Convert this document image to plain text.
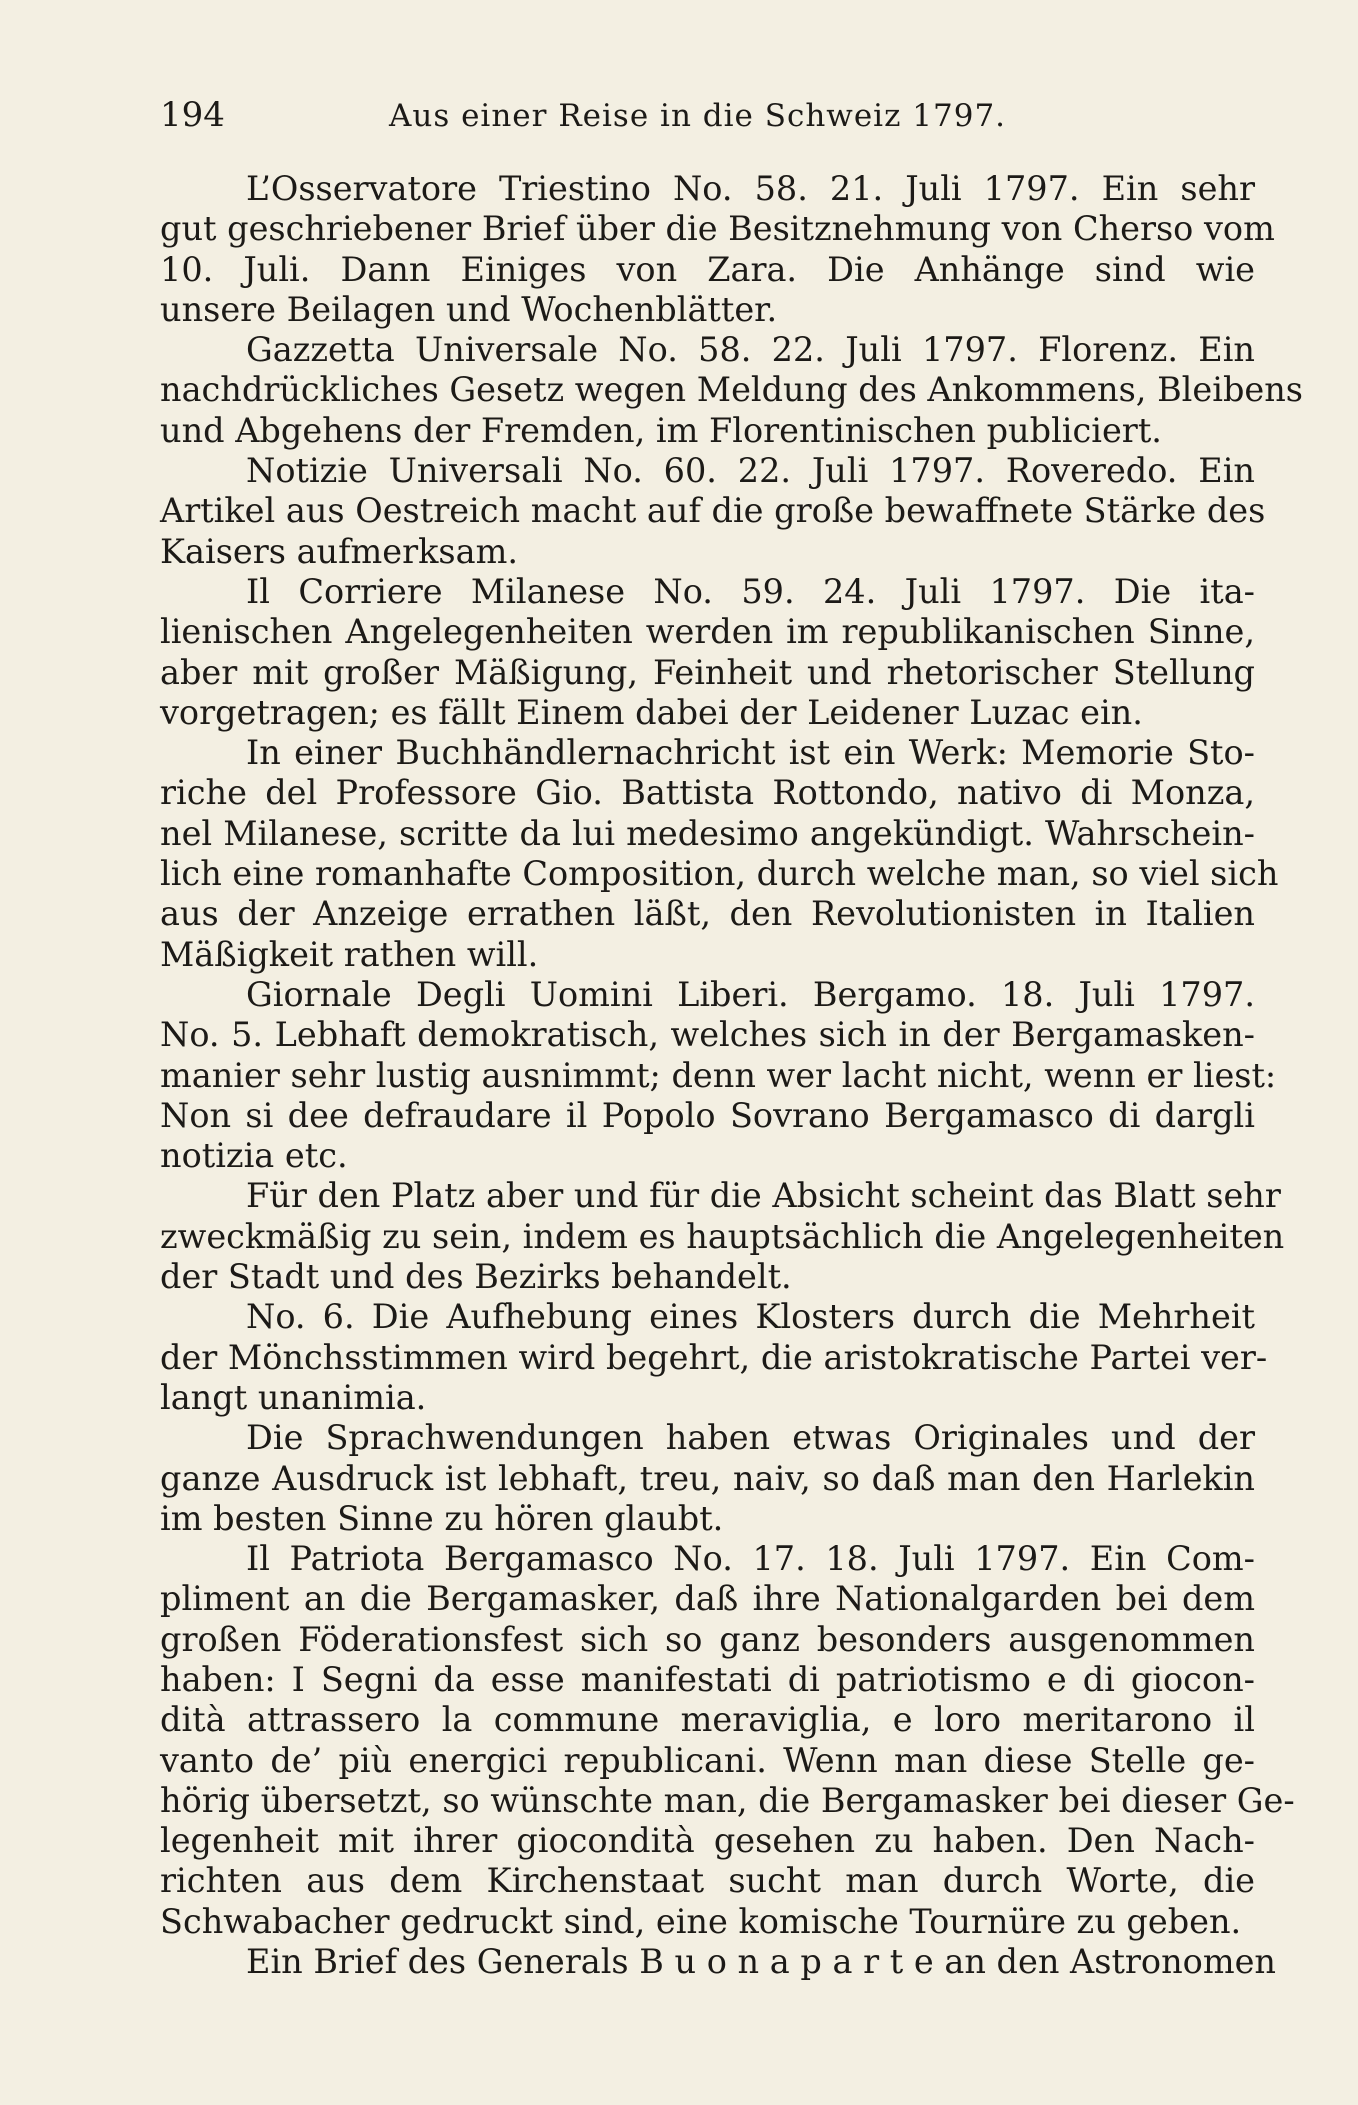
194	Aus einer Reise in die Schweiz 1797.
L’Osservatore Triestino No. 58. 21. Juli 1797. Ein sehr
gut geschriebener Brief über die Besitznehmung von Cherso vom
10. Juli. Dann Einiges von Zara. Die Anhänge sind wie
unsere Beilagen und Wochenblätter.
Gazzetta Universale No. 58. 22. Juli 1797. Florenz. Ein
nachdrückliches Gesetz wegen Meldung des Ankommens, Bleibens
und Abgehens der Fremden, im Florentinischen publiciert.
Notizie Universali No. 60. 22. Juli 1797. Roveredo. Ein
Artikel aus Oestreich macht auf die große bewaffnete Stärke des
Kaisers aufmerksam.
Il Corriere Milanese No. 59. 24. Juli 1797. Die ita-
lienischen Angelegenheiten werden im republikanischen Sinne,
aber mit großer Mäßigung, Feinheit und rhetorischer Stellung
vorgetragen; es fällt Einem dabei der Leidener Luzac ein.
In einer Buchhändlernachricht ist ein Werk: Memorie Sto-
riche del Professore Gio. Battista Rottondo, nativo di Monza,
nel Milanese, scritte da lui medesimo angekündigt. Wahrschein-
lich eine romanhafte Composition, durch welche man, so viel sich
aus der Anzeige errathen läßt, den Revolutionisten in Italien
Mäßigkeit rathen will.
Giornale Degli Uomini Liberi. Bergamo. 18. Juli 1797.
No. 5. Lebhaft demokratisch, welches sich in der Bergamasken-
manier sehr lustig ausnimmt; denn wer lacht nicht, wenn er liest:
Non si dee defraudare il Popolo Sovrano Bergamasco di dargli
notizia etc.
Für den Platz aber und für die Absicht scheint das Blatt sehr
zweckmäßig zu sein, indem es hauptsächlich die Angelegenheiten
der Stadt und des Bezirks behandelt.
No. 6. Die Aufhebung eines Klosters durch die Mehrheit
der Mönchsstimmen wird begehrt, die aristokratische Partei ver-
langt unanimia.
Die Sprachwendungen haben etwas Originales und der
ganze Ausdruck ist lebhaft, treu, naiv, so daß man den Harlekin
im besten Sinne zu hören glaubt.
Il Patriota Bergamasco No. 17. 18. Juli 1797. Ein Com-
pliment an die Bergamasker, daß ihre Nationalgarden bei dem
großen Föderationsfest sich so ganz besonders ausgenommen
haben: I Segni da esse manifestati di patriotismo e di giocon-
dità attrassero la commune meraviglia, e loro meritarono il
vanto de’ più energici republicani. Wenn man diese Stelle ge-
hörig übersetzt, so wünschte man, die Bergamasker bei dieser Ge-
legenheit mit ihrer giocondità gesehen zu haben. Den Nach-
richten aus dem Kirchenstaat sucht man durch Worte, die
Schwabacher gedruckt sind, eine komische Tournüre zu geben.
Ein Brief des Generals B u o n a p a r t e an den Astronomen
